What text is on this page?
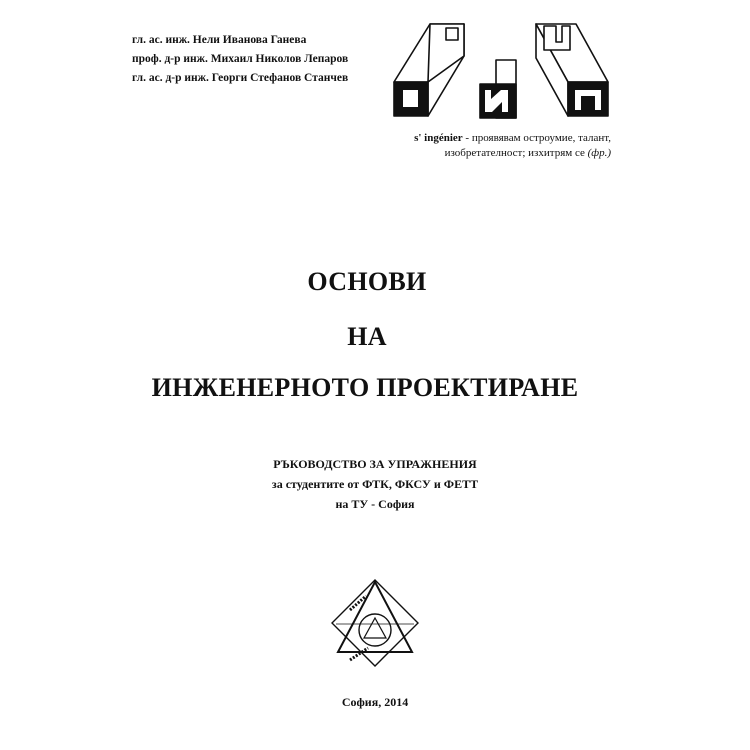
гл. ас. инж. Нели Иванова Ганева
проф. д-р инж. Михаил Николов Лепаров
гл. ас. д-р инж. Георги Стефанов Станчев
s' ingénier - проявявам остроумие, талант,
изобретателност; изхитрям се (фр.)
ОСНОВИ
НА
ИНЖЕНЕРНОТО ПРОЕКТИРАНЕ
РЪКОВОДСТВО ЗА УПРАЖНЕНИЯ
за студентите от ФТК, ФКСУ и ФЕТТ
на ТУ - София
София, 2014
